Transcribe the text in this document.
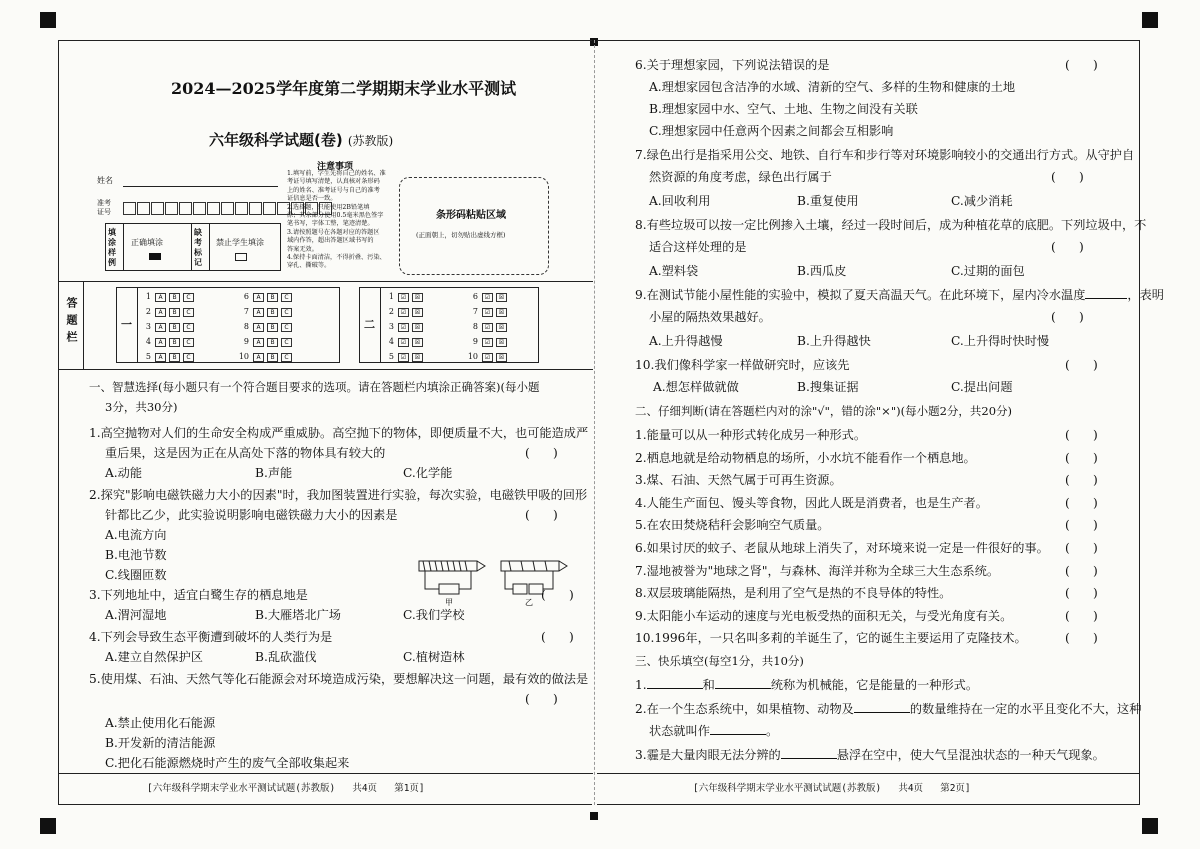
2024—2025学年度第二学期期末学业水平测试
六年级科学试题(卷) (苏教版)
注意事项
姓名
准考
证号
填涂样例
正确填涂
缺考标记
禁止学生填涂
1.填写前，学生先将自己的姓名、准
考证号填写清楚，认真核对条形码
上的姓名、准考证号与自己的准考
证信息是否一致。
2.选择题，只能使用2B铅笔填
涂；其余部分使用0.5毫米黑色签字
笔书写，字体工整，笔迹清楚。
3.请按照题号在各题对应的答题区
域内作答，超出答题区域书写的
答案无效。
4.保持卡面清洁，不得折叠、污染、
穿孔、撕破等。
条形码粘贴区域
(正面朝上，切勿贴出虚线方框)
答题栏	一
1 A B C
2 A B C
3 A B C
4 A B C
5 A B C
6 A B C
7 A B C
8 A B C
9 A B C
10 A B C
二
1 ☑ ☒
2 ☑ ☒
3 ☑ ☒
4 ☑ ☒
5 ☑ ☒
6 ☑ ☒
7 ☑ ☒
8 ☑ ☒
9 ☑ ☒
10 ☑ ☒
一、智慧选择(每小题只有一个符合题目要求的选项。请在答题栏内填涂正确答案)(每小题
3分，共30分)
1.高空抛物对人们的生命安全构成严重威胁。高空抛下的物体，即便质量不大，也可能造成严
重后果，这是因为正在从高处下落的物体具有较大的	(      )
A.动能	B.声能	C.化学能
2.探究"影响电磁铁磁力大小的因素"时，我加图装置进行实验，每次实验，电磁铁甲吸的回形
针都比乙少，此实验说明影响电磁铁磁力大小的因素是	(      )
A.电流方向
B.电池节数
C.线圈匝数
甲	乙
3.下列地址中，适宜白鹭生存的栖息地是	(      )
A.渭河湿地	B.大雁塔北广场	C.我们学校
4.下列会导致生态平衡遭到破坏的人类行为是	(      )
A.建立自然保护区	B.乱砍滥伐	C.植树造林
5.使用煤、石油、天然气等化石能源会对环境造成污染，要想解决这一问题，最有效的做法是
(      )
A.禁止使用化石能源
B.开发新的清洁能源
C.把化石能源燃烧时产生的废气全部收集起来
[六年级科学期末学业水平测试试题(苏教版)   共4页   第1页]
6.关于理想家园，下列说法错误的是	(      )
A.理想家园包含洁净的水域、清新的空气、多样的生物和健康的土地
B.理想家园中水、空气、土地、生物之间没有关联
C.理想家园中任意两个因素之间都会互相影响
7.绿色出行是指采用公交、地铁、自行车和步行等对环境影响较小的交通出行方式。从守护自
然资源的角度考虑，绿色出行属于	(      )
A.回收利用	B.重复使用	C.减少消耗
8.有些垃圾可以按一定比例掺入土壤，经过一段时间后，成为种植花草的底肥。下列垃圾中，不
适合这样处理的是	(      )
A.塑料袋	B.西瓜皮	C.过期的面包
9.在测试节能小屋性能的实验中，模拟了夏天高温天气。在此环境下，屋内冷水温度	，表明
小屋的隔热效果越好。	(      )
A.上升得越慢	B.上升得越快	C.上升得时快时慢
10.我们像科学家一样做研究时，应该先	(      )
A.想怎样做就做	B.搜集证据	C.提出问题
二、仔细判断(请在答题栏内对的涂"√"，错的涂"×")(每小题2分，共20分)
1.能量可以从一种形式转化成另一种形式。	(      )
2.栖息地就是给动物栖息的场所，小水坑不能看作一个栖息地。	(      )
3.煤、石油、天然气属于可再生资源。	(      )
4.人能生产面包、馒头等食物，因此人既是消费者，也是生产者。	(      )
5.在农田焚烧秸秆会影响空气质量。	(      )
6.如果讨厌的蚊子、老鼠从地球上消失了，对环境来说一定是一件很好的事。 (      )
7.湿地被誉为"地球之肾"，与森林、海洋并称为全球三大生态系统。	(      )
8.双层玻璃能隔热，是利用了空气是热的不良导体的特性。	(      )
9.太阳能小车运动的速度与光电板受热的面积无关，与受光角度有关。	(      )
10.1996年，一只名叫多莉的羊诞生了，它的诞生主要运用了克隆技术。	(      )
三、快乐填空(每空1分，共10分)
1.	和	统称为机械能，它是能量的一种形式。
2.在一个生态系统中，如果植物、动物及	的数量维持在一定的水平且变化不大，这种
状态就叫作	。
3.霾是大量肉眼无法分辨的	悬浮在空中，使大气呈混浊状态的一种天气现象。
[六年级科学期末学业水平测试试题(苏教版)   共4页   第2页]
